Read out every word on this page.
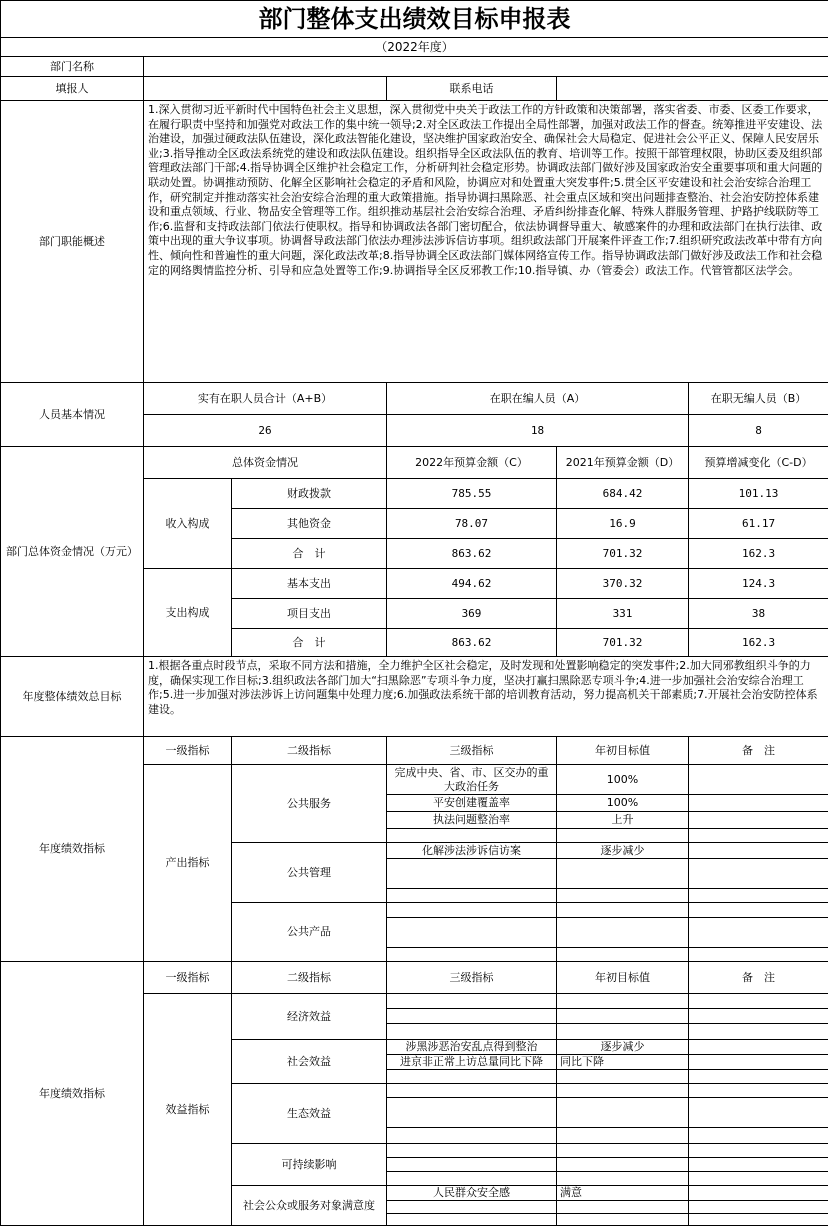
部门整体支出绩效目标申报表					
（2022年度）					
部门名称					
填报人			联系电话		
部门职能概述	1.深入贯彻习近平新时代中国特色社会主义思想，深入贯彻党中央关于政法工作的方针政策和决策部署，落实省委、市委、区委工作要求，在履行职责中坚持和加强党对政法工作的集中统一领导;2.对全区政法工作提出全局性部署，加强对政法工作的督查。统筹推进平安建设、法治建设，加强过硬政法队伍建设，深化政法智能化建设，坚决维护国家政治安全、确保社会大局稳定、促进社会公平正义、保障人民安居乐业;3.指导推动全区政法系统党的建设和政法队伍建设。组织指导全区政法队伍的教育、培训等工作。按照干部管理权限，协助区委及组织部管理政法部门干部;4.指导协调全区维护社会稳定工作，分析研判社会稳定形势。协调政法部门做好涉及国家政治安全重要事项和重大问题的联动处置。协调推动预防、化解全区影响社会稳定的矛盾和风险，协调应对和处置重大突发事件;5.贯全区平安建设和社会治安综合治理工作，研究制定并推动落实社会治安综合治理的重大政策措施。指导协调扫黑除恶、社会重点区域和突出问题排查整治、社会治安防控体系建设和重点领域、行业、物品安全管理等工作。组织推动基层社会治安综合治理、矛盾纠纷排查化解、特殊人群服务管理、护路护线联防等工作;6.监督和支持政法部门依法行使职权。指导和协调政法各部门密切配合，依法协调督导重大、敏感案件的办理和政法部门在执行法律、政策中出现的重大争议事项。协调督导政法部门依法办理涉法涉诉信访事项。组织政法部门开展案件评查工作;7.组织研究政法改革中带有方向性、倾向性和普遍性的重大问题，深化政法改革;8.指导协调全区政法部门媒体网络宣传工作。指导协调政法部门做好涉及政法工作和社会稳定的网络舆情监控分析、引导和应急处置等工作;9.协调指导全区反邪教工作;10.指导镇、办（管委会）政法工作。代管管都区法学会。				
人员基本情况	实有在职人员合计（A+B）		在职在编人员（A）		在职无编人员（B）
	26		18		8
部门总体资金情况（万元）	总体资金情况		2022年预算金额（C）	2021年预算金额（D）	预算增减变化（C-D）
	收入构成	财政拨款	785.55	684.42	101.13
		其他资金	78.07	16.9	61.17
		合　计	863.62	701.32	162.3
	支出构成	基本支出	494.62	370.32	124.3
		项目支出	369	331	38
		合　计	863.62	701.32	162.3
年度整体绩效总目标	1.根据各重点时段节点，采取不同方法和措施，全力维护全区社会稳定，及时发现和处置影响稳定的突发事件;2.加大同邪教组织斗争的力度，确保实现工作目标;3.组织政法各部门加大“扫黑除恶”专项斗争力度，坚决打赢扫黑除恶专项斗争;4.进一步加强社会治安综合治理工作;5.进一步加强对涉法涉诉上访问题集中处理力度;6.加强政法系统干部的培训教育活动，努力提高机关干部素质;7.开展社会治安防控体系建设。				
年度绩效指标	一级指标	二级指标	三级指标	年初目标值	备　注
	产出指标	公共服务	完成中央、省、市、区交办的重大政治任务	100%	
			平安创建覆盖率	100%	
			执法问题整治率	上升	

		公共管理	化解涉法涉诉信访案	逐步减少	

		公共产品			

年度绩效指标	一级指标	二级指标	三级指标	年初目标值	备　注
	效益指标	经济效益			

		社会效益	涉黑涉恶治安乱点得到整治	逐步减少	
			进京非正常上访总量同比下降	同比下降	

		生态效益			

		可持续影响			

		社会公众或服务对象满意度	人民群众安全感	满意	
